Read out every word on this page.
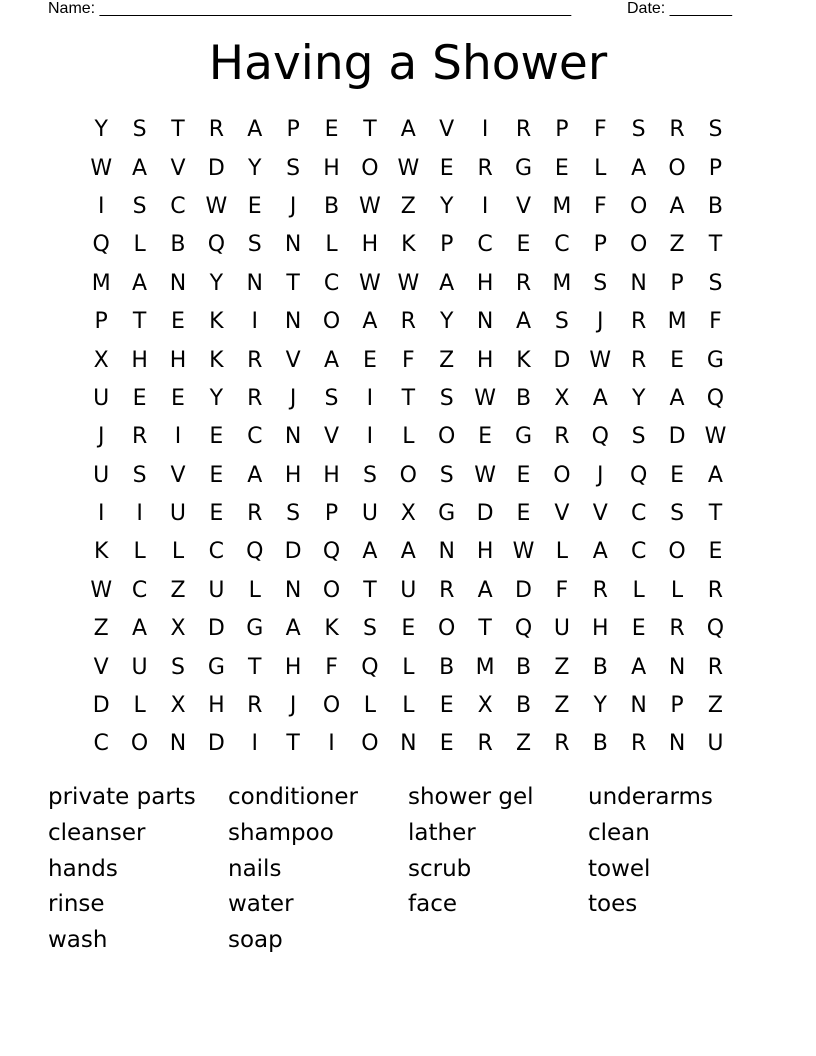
Name: _____________________________________________________	Date: _______
Having a Shower
Y	S	T	R	A	P	E	T	A	V	I	R	P	F	S	R	S
W A	V	D	Y	S	H O W E	R	G	E	L	A	O	P
I	S	C W E	J	B W Z	Y	I	V M	F	O	A	B
Q	L	B	Q	S	N	L	H	K	P	C	E	C	P	O	Z	T
M A	N	Y	N	T	C W W A	H	R M S	N	P	S
P	T	E	K	I	N O	A	R	Y	N	A	S	J	R M	F
X	H H	K	R	V	A	E	F	Z	H	K	D W R	E	G
U	E	E	Y	R	J	S	I	T	S W B	X	A	Y	A	Q
J	R	I	E	C	N	V	I	L	O	E	G	R	Q	S	D W
U	S	V	E	A	H H	S	O	S W E	O	J	Q	E	A
I	I	U	E	R	S	P	U	X	G D	E	V	V	C	S	T
K	L	L	C	Q D Q	A	A	N H W L	A	C	O	E
W C	Z	U	L	N O	T	U	R	A	D	F	R	L	L	R
Z	A	X	D G	A	K	S	E	O	T	Q U	H	E	R	Q
V	U	S	G	T	H	F	Q	L	B M B	Z	B	A	N	R
D	L	X	H	R	J	O	L	L	E	X	B	Z	Y	N	P	Z
C	O N D	I	T	I	O N	E	R	Z	R	B	R	N	U
private parts	conditioner	shower gel	underarms
cleanser	shampoo	lather	clean
hands	nails	scrub	towel
rinse	water	face	toes
wash	soap
